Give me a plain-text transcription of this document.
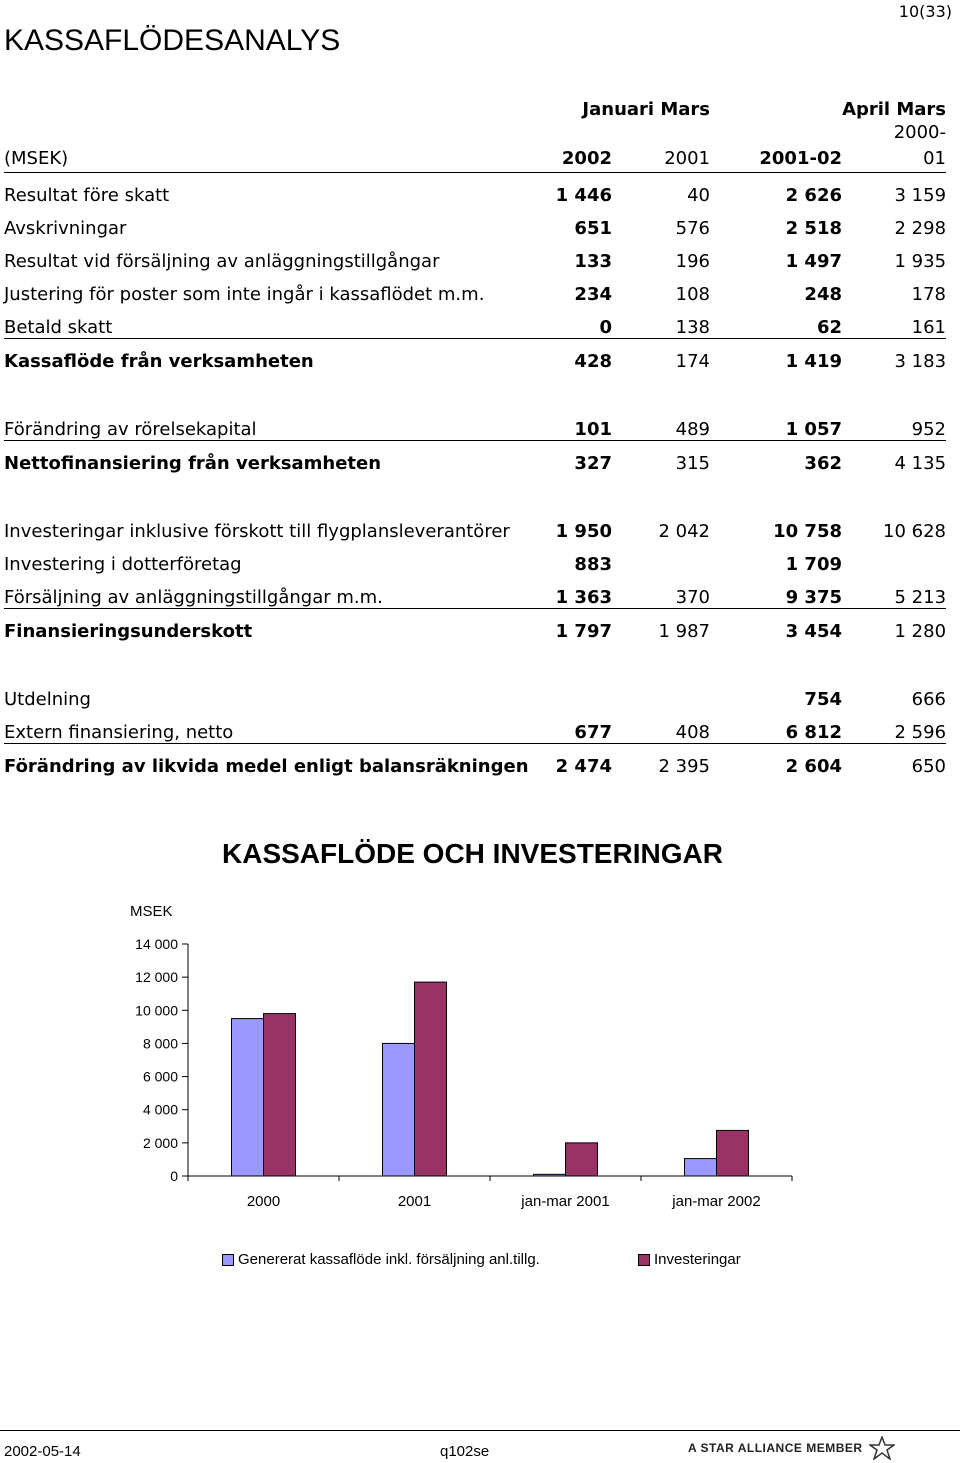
10(33)
KASSAFLÖDESANALYS
	Januari Mars		April Mars	
(MSEK)	2002	2001	2001-02	2000-01
Resultat före skatt	1 446	40	2 626	3 159
Avskrivningar	651	576	2 518	2 298
Resultat vid försäljning av anläggningstillgångar	133	196	1 497	1 935
Justering för poster som inte ingår i kassaflödet m.m.	234	108	248	178
Betald skatt	0	138	62	161
Kassaflöde från verksamheten	428	174	1 419	3 183

Förändring av rörelsekapital	101	489	1 057	952
Nettofinansiering från verksamheten	327	315	362	4 135

Investeringar inklusive förskott till flygplansleverantörer	1 950	2 042	10 758	10 628
Investering i dotterföretag	883		1 709	
Försäljning av anläggningstillgångar m.m.	1 363	370	9 375	5 213
Finansieringsunderskott	1 797	1 987	3 454	1 280

Utdelning			754	666
Extern finansiering, netto	677	408	6 812	2 596
Förändring av likvida medel enligt balansräkningen	2 474	2 395	2 604	650
KASSAFLÖDE OCH INVESTERINGAR
MSEK
0
2 000
4 000
6 000
8 000
10 000
12 000
14 000
2000	2001	jan-mar 2001	jan-mar 2002
Genererat kassaflöde inkl. försäljning anl.tillg.	Investeringar
2002-05-14	q102se	A STAR ALLIANCE MEMBER
